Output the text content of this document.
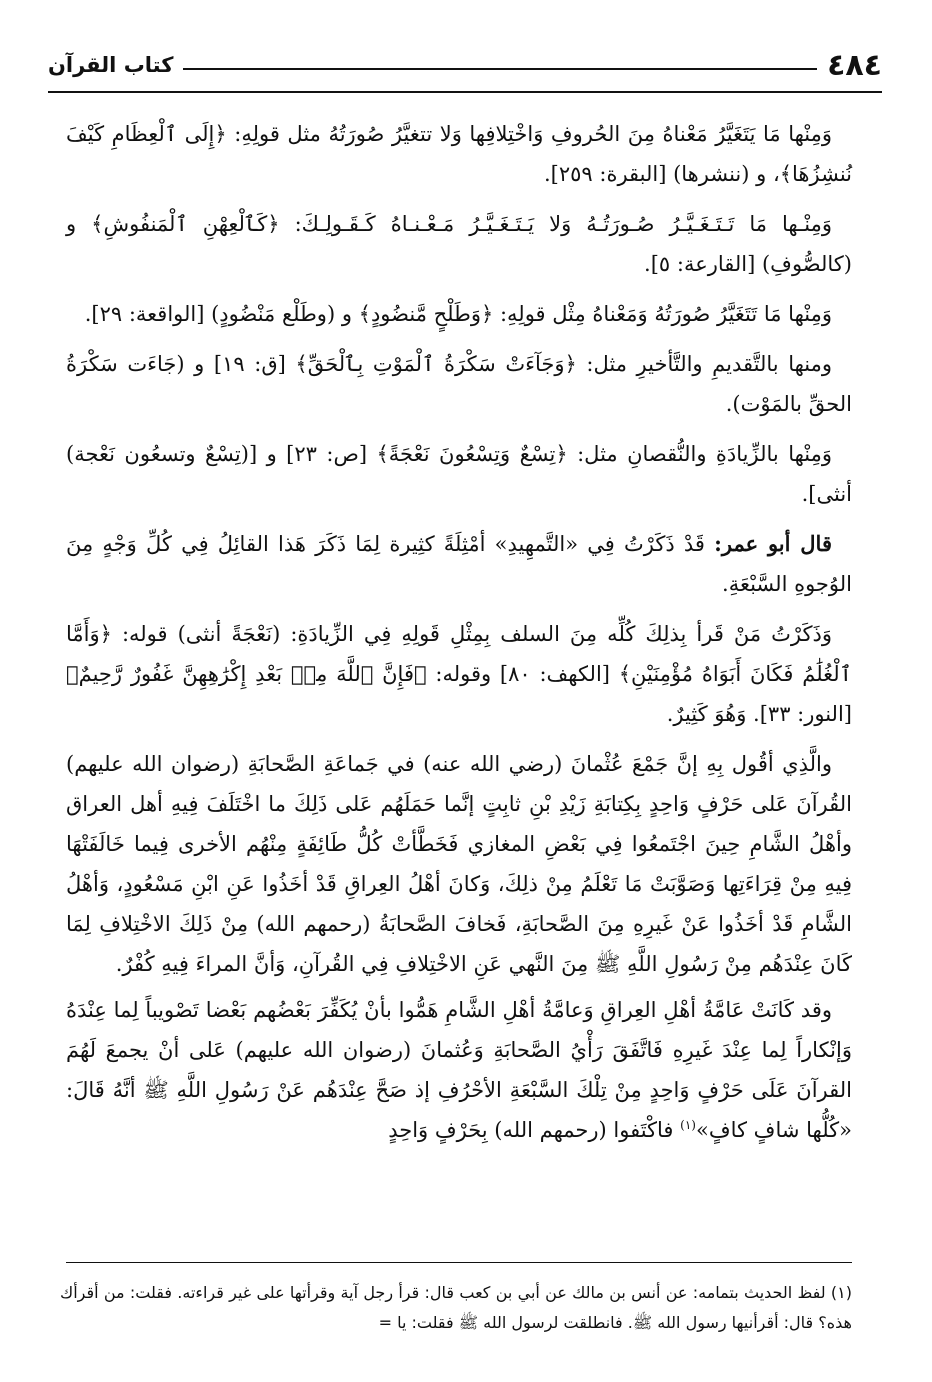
٤٨٤
كتاب القرآن

وَمِنْها مَا يَتَغَيَّرُ مَعْناهُ مِنَ الحُروفِ وَاخْتِلافِها وَلا تتغيَّرُ صُورَتُهُ مثل قولِهِ: ﴿إِلَى ٱلْعِظَامِ كَيْفَ نُنشِزُهَا﴾، و (ننشرها) [البقرة: ٢٥٩].

وَمِنْـها مَا تَـتَـغَـيَّـرُ صُـورَتُـهُ وَلا يَـتَـغَـيَّـرُ مَـعْـنـاهُ كَـقَـولِـكَ: ﴿كَٱلْعِهْنِ ٱلْمَنفُوشِ﴾ و (كالصُّوفِ) [القارعة: ٥].

وَمِنْها مَا تَتَغَيَّرُ صُورَتُهُ وَمَعْناهُ مِثْل قولِهِ: ﴿وَطَلْحٍ مَّنضُودٍ﴾ و (وطَلْع مَنْضُودٍ) [الواقعة: ٢٩].

ومنها بالتَّقديمِ والتَّأخيرِ مثل: ﴿وَجَآءَتْ سَكْرَةُ ٱلْمَوْتِ بِٱلْحَقِّ﴾ [ق: ١٩] و (جَاءَت سَكْرَةُ الحقِّ بالمَوْت).

وَمِنْها بالزِّيادَةِ والنُّقصانِ مثل: ﴿تِسْعٌ وَتِسْعُونَ نَعْجَةً﴾ [ص: ٢٣] و [(تِسْعٌ وتسعُون نَعْجة) أنثى].

قال أبو عمر: قَدْ ذَكَرْتُ فِي «التَّمهِيدِ» أمْثِلَةً كثِيرة لِمَا ذَكَرَ هَذا القائِلُ فِي كُلِّ وَجْهٍ مِنَ الوُجوهِ السَّبْعَةِ.

وَذَكَرْتُ مَنْ قَرأ بِذلِكَ كُلِّه مِنَ السلف بِمِثْلِ قَولِهِ فِي الزِّيادَةِ: (نَعْجَةً أنثى) قوله: ﴿وَأَمَّا ٱلْغُلَٰمُ فَكَانَ أَبَوَاهُ مُؤْمِنَيْنِ﴾ [الكهف: ٨٠] وقوله: ﴿فَإِنَّ ٱللَّهَ مِنۢ بَعْدِ إِكْرَٰهِهِنَّ غَفُورٌ رَّحِيمٌ﴾ [النور: ٣٣]. وَهُوَ كَثِيرٌ.

والَّذِي أقُول بِهِ إنَّ جَمْعَ عُثْمانَ (رضي الله عنه) في جَماعَةِ الصَّحابَةِ (رضوان الله عليهم) القُرآنَ عَلى حَرْفٍ وَاحِدٍ بِكِتابَةِ زَيْدِ بْنِ ثابِتٍ إنَّما حَمَلَهُم عَلى ذَلِكَ ما اخْتَلَفَ فِيهِ أهل العراق وأهْلُ الشَّامِ حِينَ اجْتَمعُوا فِي بَعْضِ المغازي فَخَطَّأتْ كُلُّ طَائِفَةٍ مِنْهُم الأخرى فِيما خَالَفَتْهَا فِيهِ مِنْ قِرَاءَتِها وَصَوَّبَتْ مَا تَعْلَمُ مِنْ ذلِكَ، وَكانَ أهْلُ العِراقِ قَدْ أخَذُوا عَنِ ابْنِ مَسْعُودٍ، وَأهْلُ الشَّامِ قَدْ أخَذُوا عَنْ غَيرِهِ مِنَ الصَّحابَةِ، فَخافَ الصَّحابَةُ (رحمهم الله) مِنْ ذَلِكَ الاخْتِلافِ لِمَا كَانَ عِنْدَهُم مِنْ رَسُولِ اللَّهِ ﷺ مِنَ النَّهي عَنِ الاخْتِلافِ فِي القُرآنِ، وَأنَّ المراءَ فِيهِ كُفْرٌ.

وقد كَانَتْ عَامَّةُ أهْلِ العِراقِ وَعامَّةُ أهْلِ الشَّامِ هَمُّوا بأنْ يُكَفِّرَ بَعْضُهم بَعْضا تَصْويباً لِما عِنْدَهُ وَإنْكاراً لِما عِنْدَ غَيرِهِ فَاتَّفَقَ رَأْيُ الصَّحابَةِ وَعُثمانَ (رضوان الله عليهم) عَلى أنْ يجمعَ لَهُمَ القرآنَ عَلَى حَرْفٍ وَاحِدٍ مِنْ تِلْكَ السَّبْعَةِ الأحْرُفِ إذ صَحَّ عِنْدَهُم عَنْ رَسُولِ اللَّهِ ﷺ أنَّهُ قَالَ: «كُلُّها شافٍ كافٍ»$^{(١)}$ فاكْتَفوا (رحمهم الله) بِحَرْفٍ وَاحِدٍ

(١) لفظ الحديث بتمامه: عن أنس بن مالك عن أبي بن كعب قال: قرأ رجل آية وقرأتها على غير قراءته. فقلت: من أقرأك هذه؟ قال: أقرأنيها رسول الله ﷺ. فانطلقت لرسول الله ﷺ فقلت: يا =
